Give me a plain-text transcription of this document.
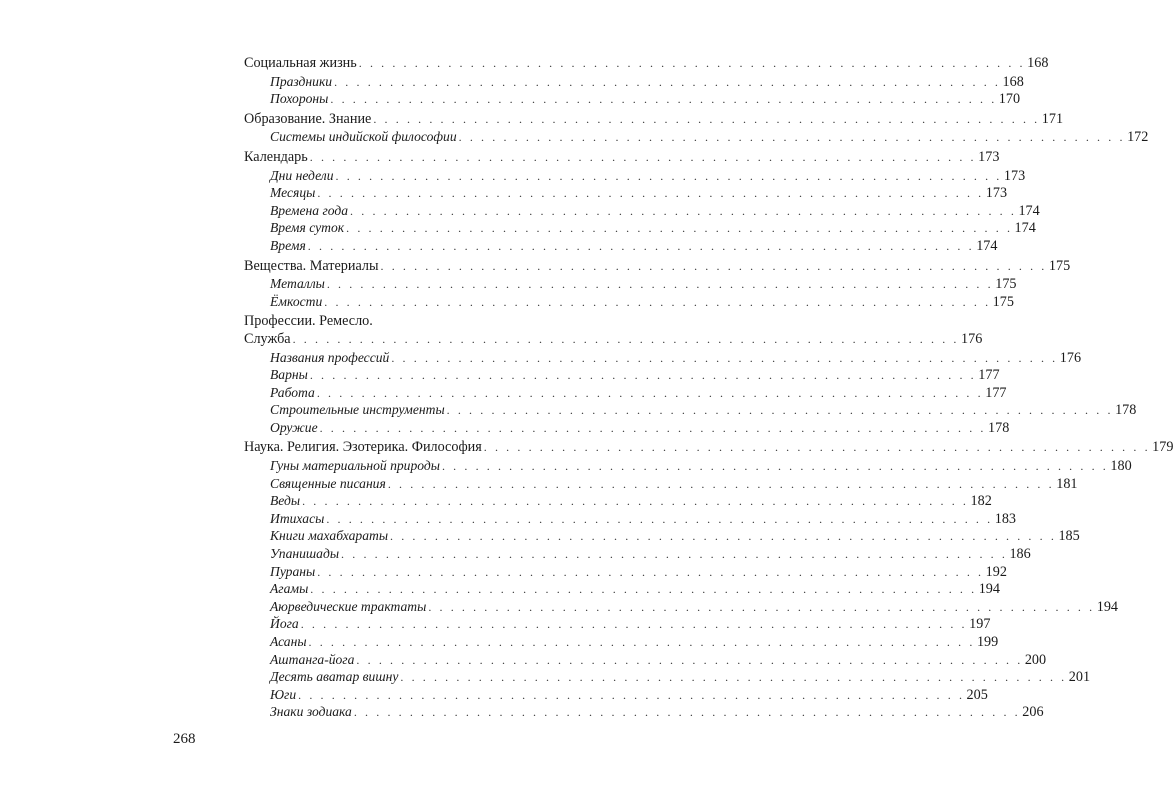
Социальная жизнь . . . . . . . . . . . . . . . . . . . . . . . . . . . . . . . . . . . . . . . . . . . . . . . . . . . . . . . . . . . . 168
Праздники . . . . . . . . . . . . . . . . . . . . . . . . . . . . . . . . . . . . . . . . . . . . . . . . . . . . . . . . . . . . 168
Похороны . . . . . . . . . . . . . . . . . . . . . . . . . . . . . . . . . . . . . . . . . . . . . . . . . . . . . . . . . . . . 170
Образование. Знание . . . . . . . . . . . . . . . . . . . . . . . . . . . . . . . . . . . . . . . . . . . . . . . . . . . . . . . . . . . . 171
Системы индийской философии . . . . . . . . . . . . . . . . . . . . . . . . . . . . . . . . . . . . . . . . . . . . . . . . . . . . . . . . . . . . 172
Календарь . . . . . . . . . . . . . . . . . . . . . . . . . . . . . . . . . . . . . . . . . . . . . . . . . . . . . . . . . . . . 173
Дни недели . . . . . . . . . . . . . . . . . . . . . . . . . . . . . . . . . . . . . . . . . . . . . . . . . . . . . . . . . . . . 173
Месяцы . . . . . . . . . . . . . . . . . . . . . . . . . . . . . . . . . . . . . . . . . . . . . . . . . . . . . . . . . . . . 173
Времена года . . . . . . . . . . . . . . . . . . . . . . . . . . . . . . . . . . . . . . . . . . . . . . . . . . . . . . . . . . . . 174
Время суток . . . . . . . . . . . . . . . . . . . . . . . . . . . . . . . . . . . . . . . . . . . . . . . . . . . . . . . . . . . . 174
Время . . . . . . . . . . . . . . . . . . . . . . . . . . . . . . . . . . . . . . . . . . . . . . . . . . . . . . . . . . . . 174
Вещества. Материалы . . . . . . . . . . . . . . . . . . . . . . . . . . . . . . . . . . . . . . . . . . . . . . . . . . . . . . . . . . . . 175
Металлы . . . . . . . . . . . . . . . . . . . . . . . . . . . . . . . . . . . . . . . . . . . . . . . . . . . . . . . . . . . . 175
Ёмкости . . . . . . . . . . . . . . . . . . . . . . . . . . . . . . . . . . . . . . . . . . . . . . . . . . . . . . . . . . . . 175
Профессии. Ремесло.
Служба . . . . . . . . . . . . . . . . . . . . . . . . . . . . . . . . . . . . . . . . . . . . . . . . . . . . . . . . . . . . 176
Названия профессий . . . . . . . . . . . . . . . . . . . . . . . . . . . . . . . . . . . . . . . . . . . . . . . . . . . . . . . . . . . . 176
Варны . . . . . . . . . . . . . . . . . . . . . . . . . . . . . . . . . . . . . . . . . . . . . . . . . . . . . . . . . . . . 177
Работа . . . . . . . . . . . . . . . . . . . . . . . . . . . . . . . . . . . . . . . . . . . . . . . . . . . . . . . . . . . . 177
Строительные инструменты . . . . . . . . . . . . . . . . . . . . . . . . . . . . . . . . . . . . . . . . . . . . . . . . . . . . . . . . . . . . 178
Оружие . . . . . . . . . . . . . . . . . . . . . . . . . . . . . . . . . . . . . . . . . . . . . . . . . . . . . . . . . . . . 178
Наука. Религия. Эзотерика. Философия . . . . . . . . . . . . . . . . . . . . . . . . . . . . . . . . . . . . . . . . . . . . . . . . . . . . . . . . . . . . 179
Гуны материальной природы . . . . . . . . . . . . . . . . . . . . . . . . . . . . . . . . . . . . . . . . . . . . . . . . . . . . . . . . . . . . 180
Священные писания . . . . . . . . . . . . . . . . . . . . . . . . . . . . . . . . . . . . . . . . . . . . . . . . . . . . . . . . . . . . 181
Веды . . . . . . . . . . . . . . . . . . . . . . . . . . . . . . . . . . . . . . . . . . . . . . . . . . . . . . . . . . . . 182
Итихасы . . . . . . . . . . . . . . . . . . . . . . . . . . . . . . . . . . . . . . . . . . . . . . . . . . . . . . . . . . . . 183
Книги махабхараты . . . . . . . . . . . . . . . . . . . . . . . . . . . . . . . . . . . . . . . . . . . . . . . . . . . . . . . . . . . . 185
Упанишады . . . . . . . . . . . . . . . . . . . . . . . . . . . . . . . . . . . . . . . . . . . . . . . . . . . . . . . . . . . . 186
Пураны . . . . . . . . . . . . . . . . . . . . . . . . . . . . . . . . . . . . . . . . . . . . . . . . . . . . . . . . . . . . 192
Агамы . . . . . . . . . . . . . . . . . . . . . . . . . . . . . . . . . . . . . . . . . . . . . . . . . . . . . . . . . . . . 194
Аюрведические трактаты . . . . . . . . . . . . . . . . . . . . . . . . . . . . . . . . . . . . . . . . . . . . . . . . . . . . . . . . . . . . 194
Йога . . . . . . . . . . . . . . . . . . . . . . . . . . . . . . . . . . . . . . . . . . . . . . . . . . . . . . . . . . . . 197
Асаны . . . . . . . . . . . . . . . . . . . . . . . . . . . . . . . . . . . . . . . . . . . . . . . . . . . . . . . . . . . . 199
Аштанга-йога . . . . . . . . . . . . . . . . . . . . . . . . . . . . . . . . . . . . . . . . . . . . . . . . . . . . . . . . . . . . 200
Десять аватар вишну . . . . . . . . . . . . . . . . . . . . . . . . . . . . . . . . . . . . . . . . . . . . . . . . . . . . . . . . . . . . 201
Юги . . . . . . . . . . . . . . . . . . . . . . . . . . . . . . . . . . . . . . . . . . . . . . . . . . . . . . . . . . . . 205
Знаки зодиака . . . . . . . . . . . . . . . . . . . . . . . . . . . . . . . . . . . . . . . . . . . . . . . . . . . . . . . . . . . . 206
268
